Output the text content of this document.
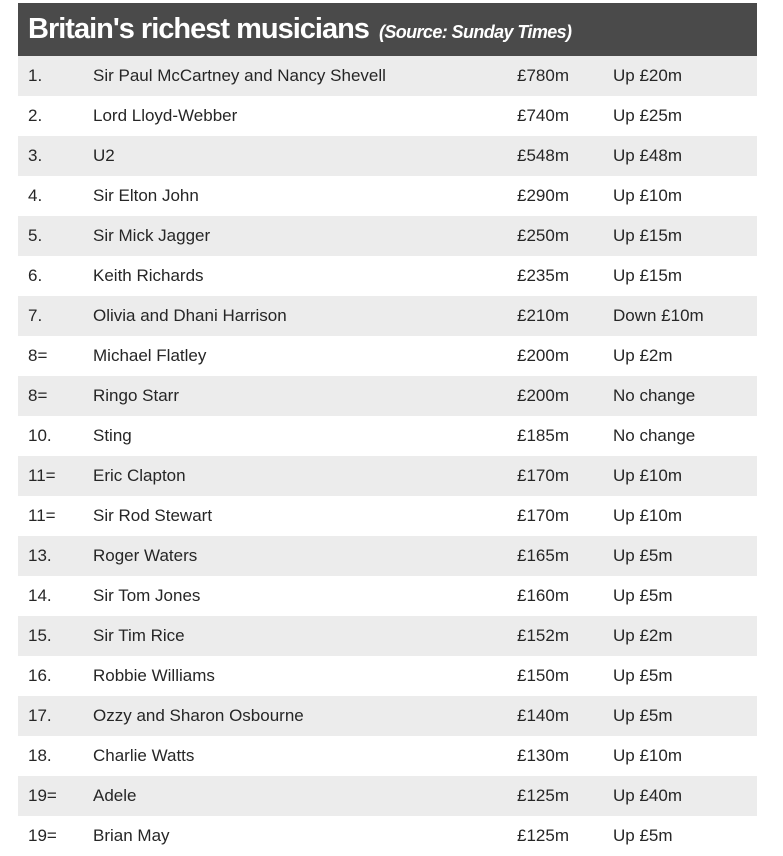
Britain's richest musicians (Source: Sunday Times)
1.	Sir Paul McCartney and Nancy Shevell	£780m	Up £20m
2.	Lord Lloyd-Webber	£740m	Up £25m
3.	U2	£548m	Up £48m
4.	Sir Elton John	£290m	Up £10m
5.	Sir Mick Jagger	£250m	Up £15m
6.	Keith Richards	£235m	Up £15m
7.	Olivia and Dhani Harrison	£210m	Down £10m
8=	Michael Flatley	£200m	Up £2m
8=	Ringo Starr	£200m	No change
10.	Sting	£185m	No change
11=	Eric Clapton	£170m	Up £10m
11=	Sir Rod Stewart	£170m	Up £10m
13.	Roger Waters	£165m	Up £5m
14.	Sir Tom Jones	£160m	Up £5m
15.	Sir Tim Rice	£152m	Up £2m
16.	Robbie Williams	£150m	Up £5m
17.	Ozzy and Sharon Osbourne	£140m	Up £5m
18.	Charlie Watts	£130m	Up £10m
19=	Adele	£125m	Up £40m
19=	Brian May	£125m	Up £5m
